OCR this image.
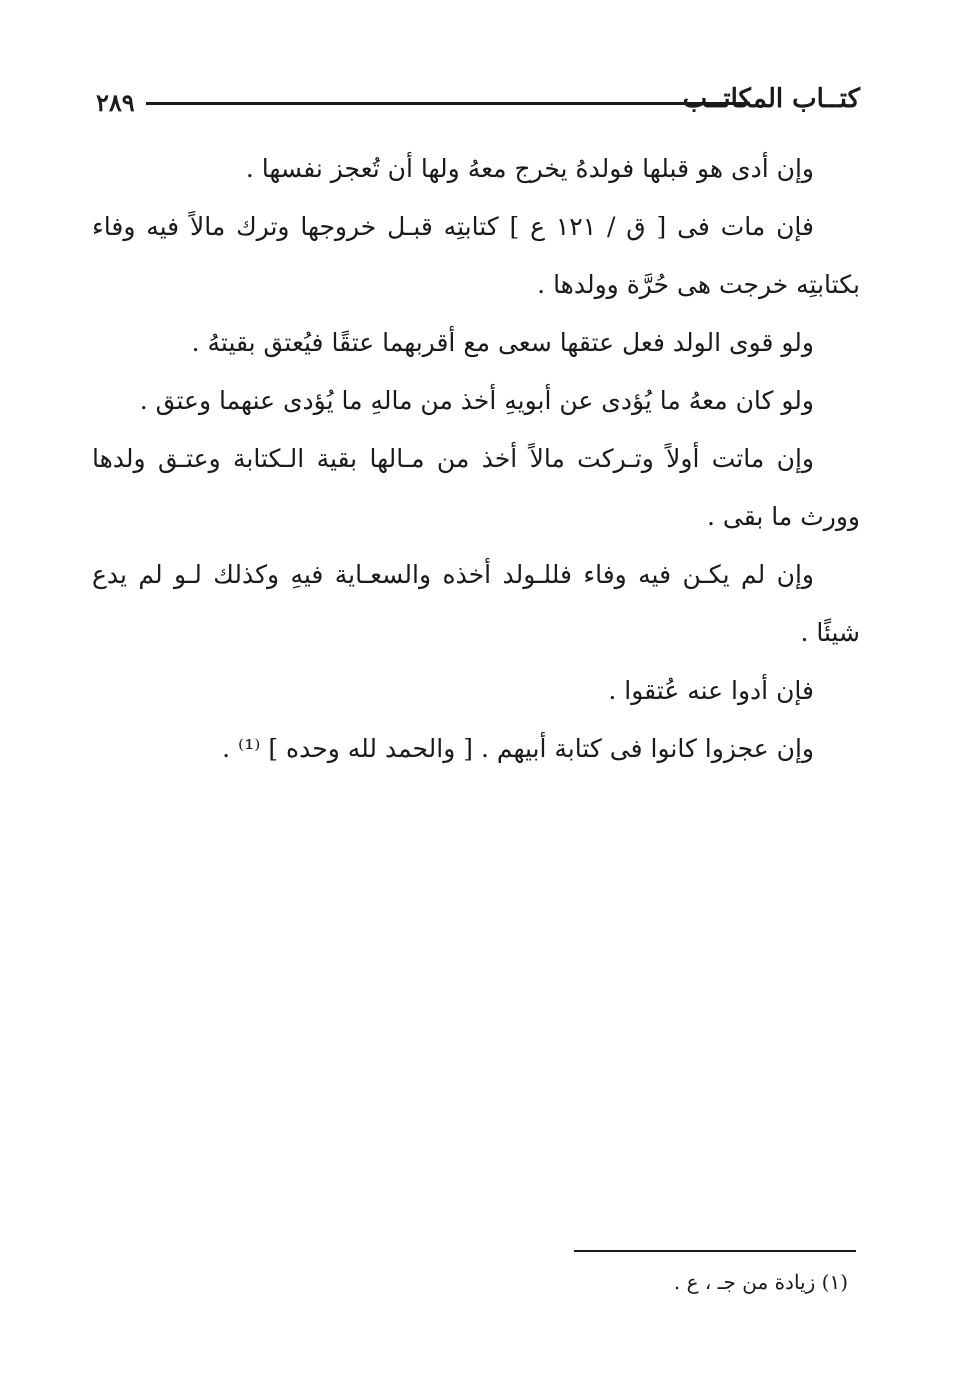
٢٨٩	كتــاب المكاتــب

وإن أدى هو قبلها فولدهُ يخرج معهُ ولها أن تُعجز نفسها .

فإن مات فى [ ق / ١٢١ ع ] كتابتِه قبـل خروجها وترك مالاً فيه وفاء بكتابتِه خرجت هى حُرَّة وولدها .

ولو قوى الولد فعل عتقها سعى مع أقربهما عتقًا فيُعتق بقيتهُ .

ولو كان معهُ ما يُؤدى عن أبويهِ أخذ من مالهِ ما يُؤدى عنهما وعتق .

وإن ماتت أولاً وتـركت مالاً أخذ من مـالها بقية الـكتابة وعتـق ولدها وورث ما بقى .

وإن لم يكـن فيه وفاء فللـولد أخذه والسعـاية فيهِ وكذلك لـو لم يدع شيئًا .

فإن أدوا عنه عُتقوا .

وإن عجزوا كانوا فى كتابة أبيهم . [ والحمد لله وحده ] ⁽¹⁾ .

(١) زيادة من جـ ، ع .
